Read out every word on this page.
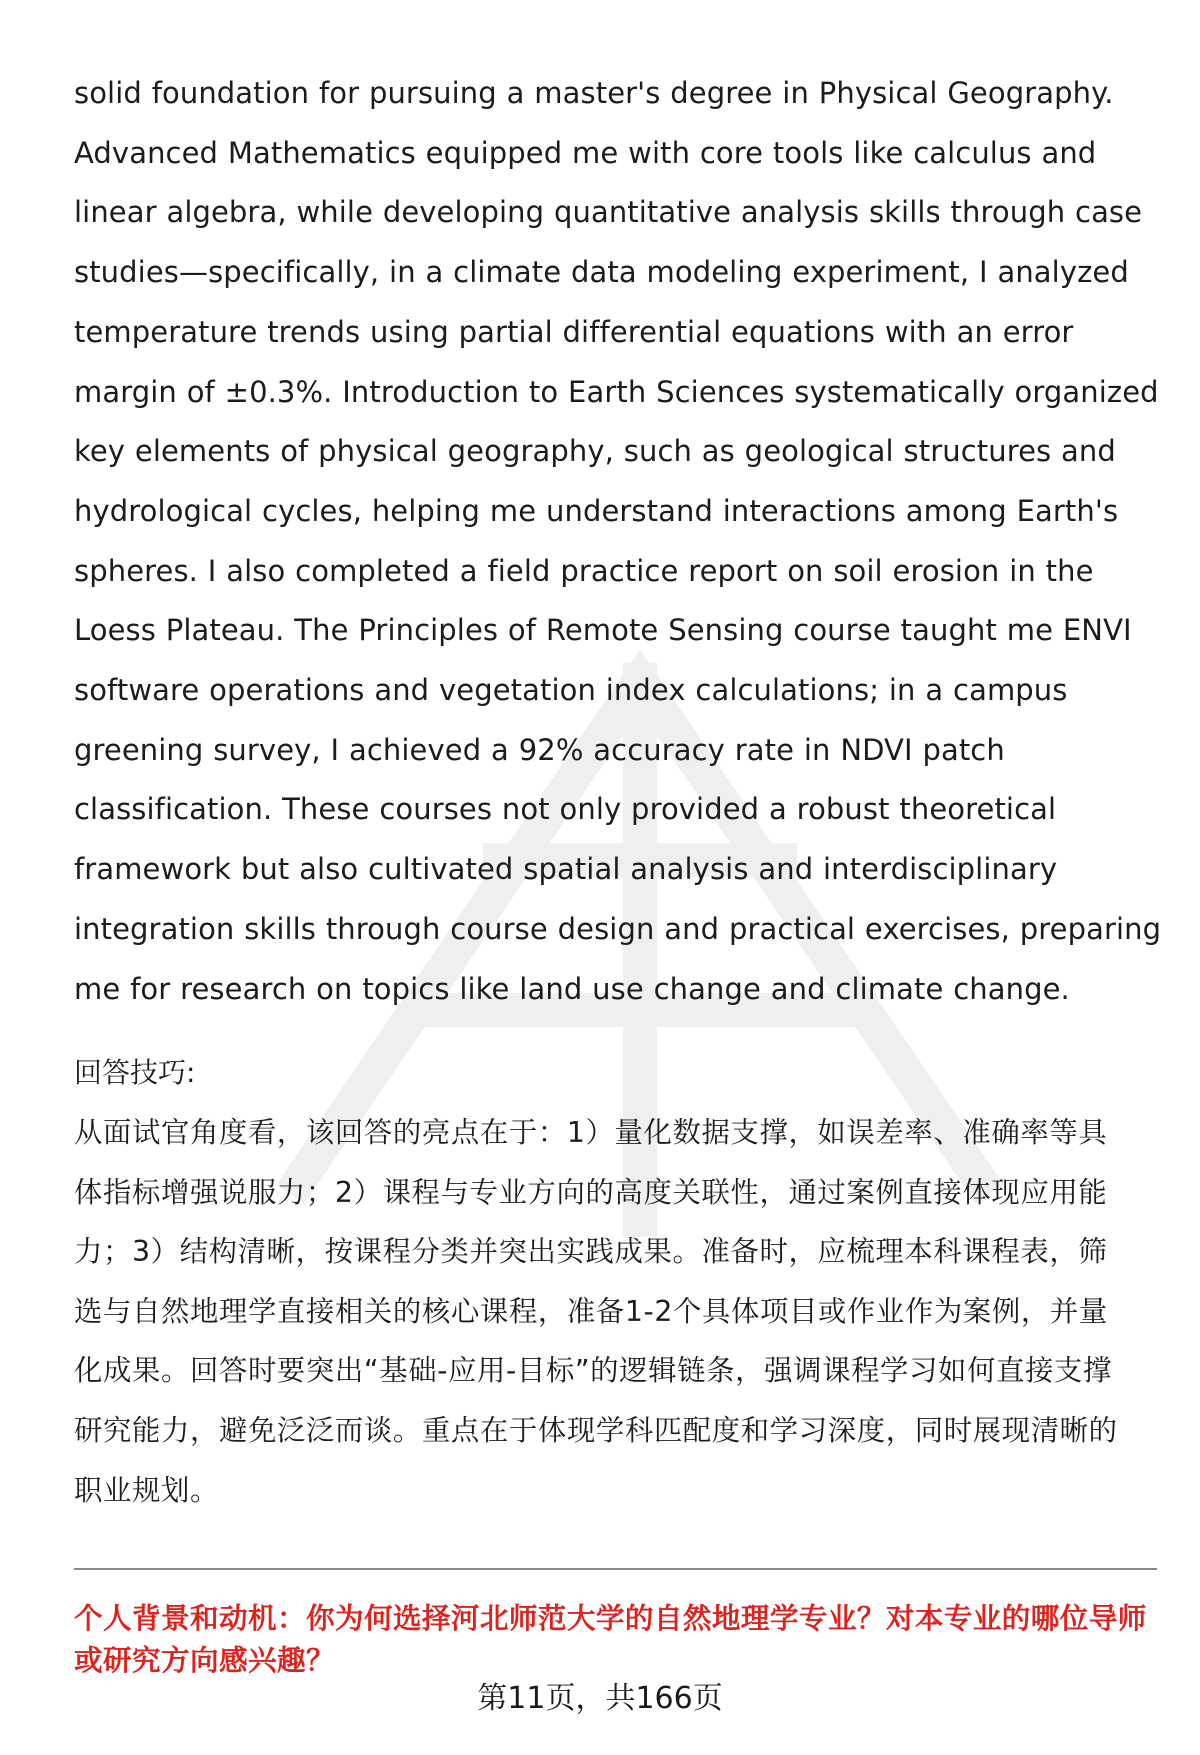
solid foundation for pursuing a master's degree in Physical Geography. Advanced Mathematics equipped me with core tools like calculus and linear algebra, while developing quantitative analysis skills through case studies—specifically, in a climate data modeling experiment, I analyzed temperature trends using partial differential equations with an error margin of ±0.3%. Introduction to Earth Sciences systematically organized key elements of physical geography, such as geological structures and hydrological cycles, helping me understand interactions among Earth's spheres. I also completed a field practice report on soil erosion in the Loess Plateau. The Principles of Remote Sensing course taught me ENVI software operations and vegetation index calculations; in a campus greening survey, I achieved a 92% accuracy rate in NDVI patch classification. These courses not only provided a robust theoretical framework but also cultivated spatial analysis and interdisciplinary integration skills through course design and practical exercises, preparing me for research on topics like land use change and climate change.

回答技巧:

从面试官角度看，该回答的亮点在于：1）量化数据支撑，如误差率、准确率等具体指标增强说服力；2）课程与专业方向的高度关联性，通过案例直接体现应用能力；3）结构清晰，按课程分类并突出实践成果。准备时，应梳理本科课程表，筛选与自然地理学直接相关的核心课程，准备1-2个具体项目或作业作为案例，并量化成果。回答时要突出“基础-应用-目标”的逻辑链条，强调课程学习如何直接支撑研究能力，避免泛泛而谈。重点在于体现学科匹配度和学习深度，同时展现清晰的职业规划。

个人背景和动机：你为何选择河北师范大学的自然地理学专业？对本专业的哪位导师或研究方向感兴趣？

第11页，共166页
